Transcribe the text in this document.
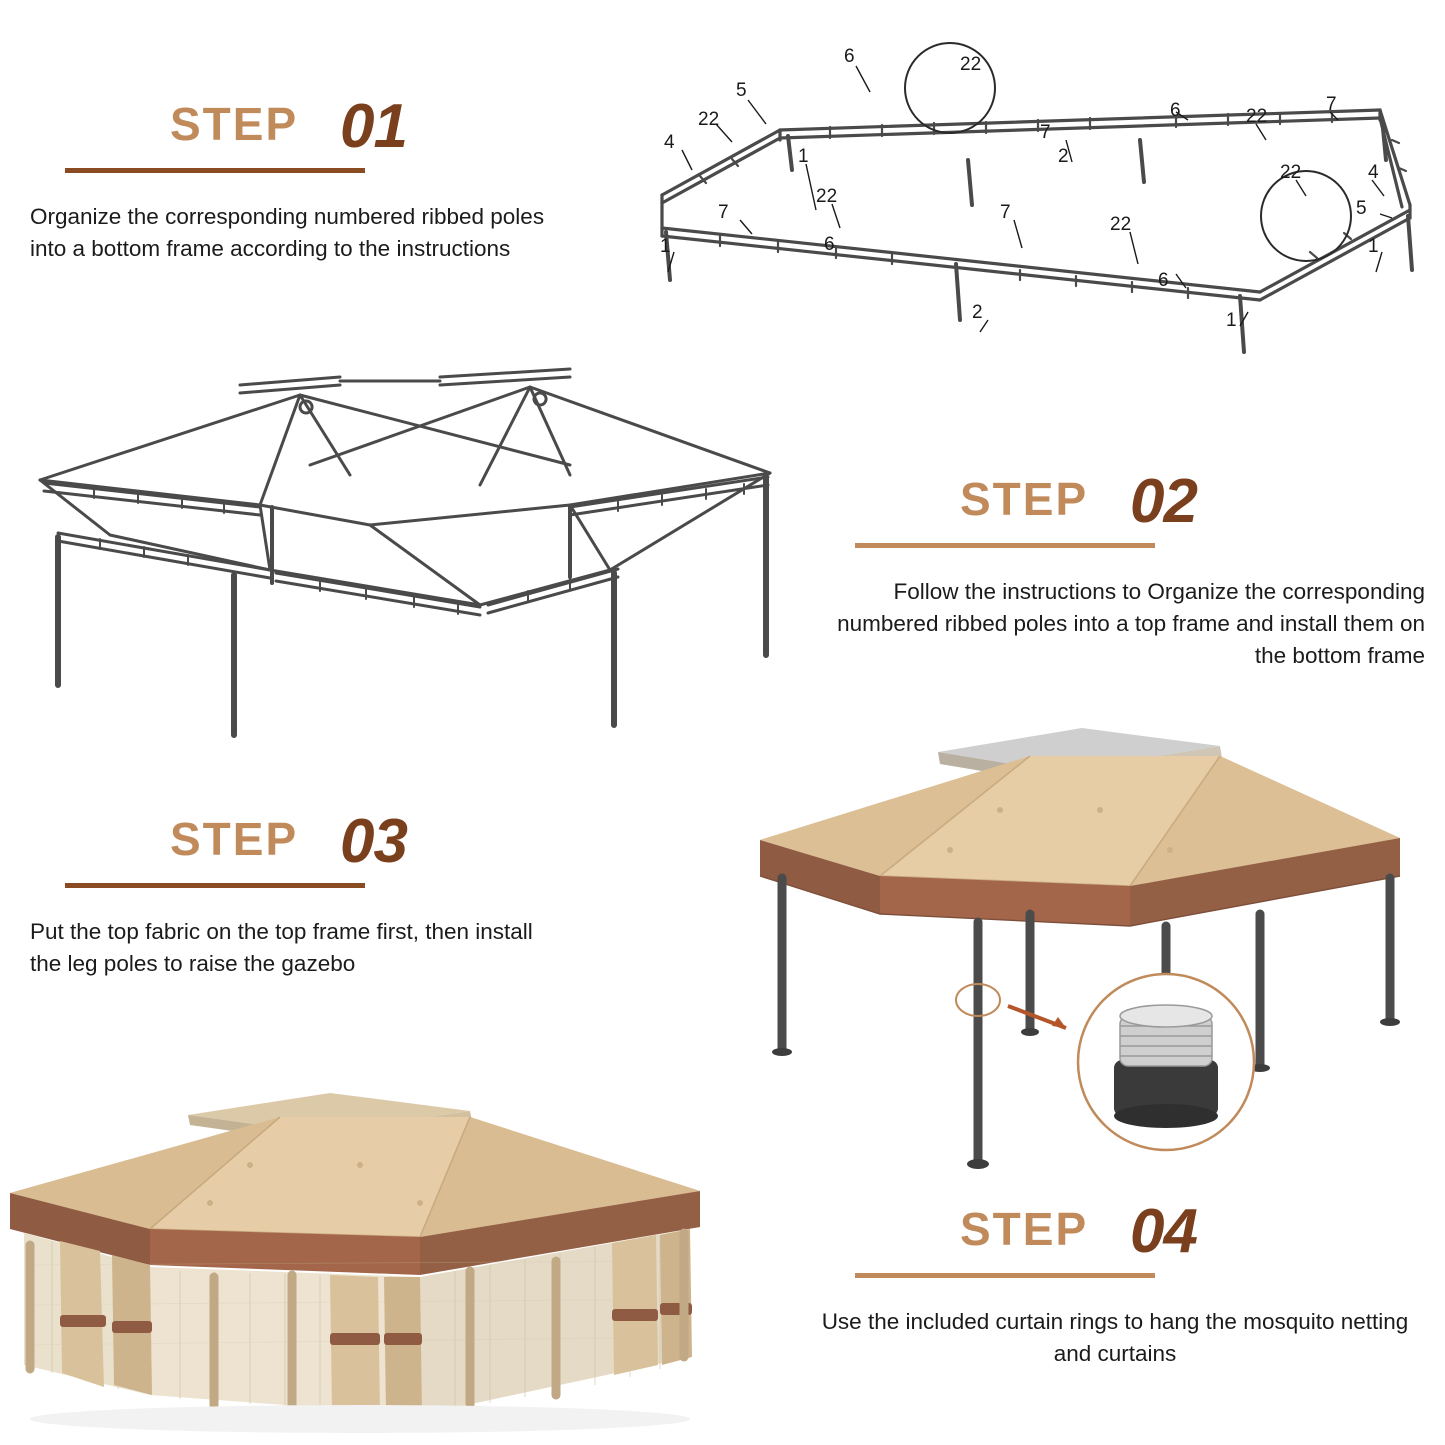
STEP 01
Organize the corresponding numbered ribbed poles into a bottom frame according to the instructions
6	22
5
22
4	7
6	22
7
1
7
22
7
22
2
22
5
4
1	1
6
6
2	1
STEP 02
Follow the instructions to Organize the corresponding numbered ribbed poles into a top frame and install them on the bottom frame
STEP 03
Put the top fabric on the top frame first, then install the leg poles to raise the gazebo
STEP 04
Use the included curtain rings to hang the mosquito netting and curtains
